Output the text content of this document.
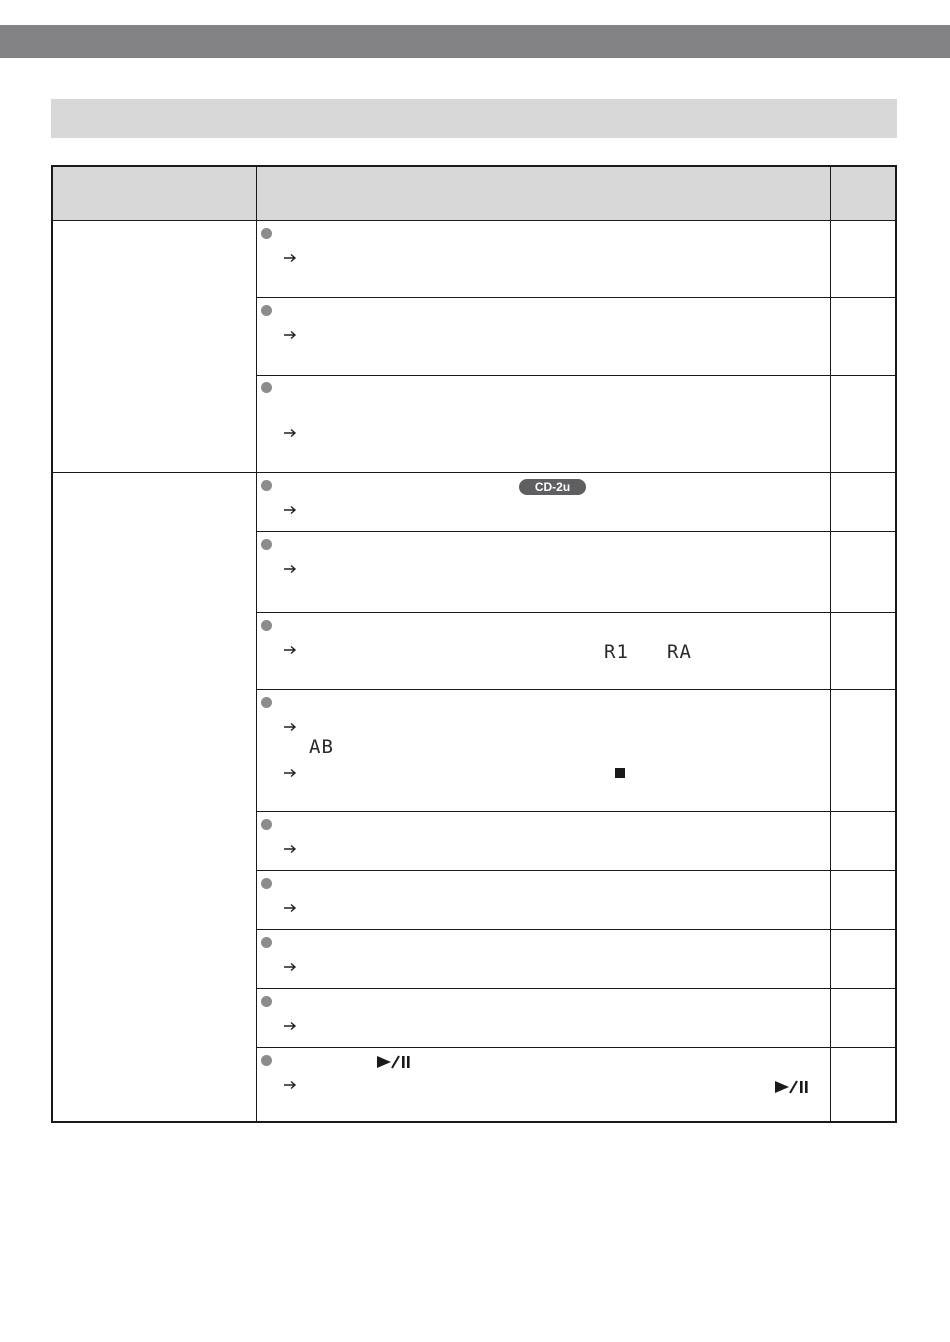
CD-2u
R1 RA
AB
